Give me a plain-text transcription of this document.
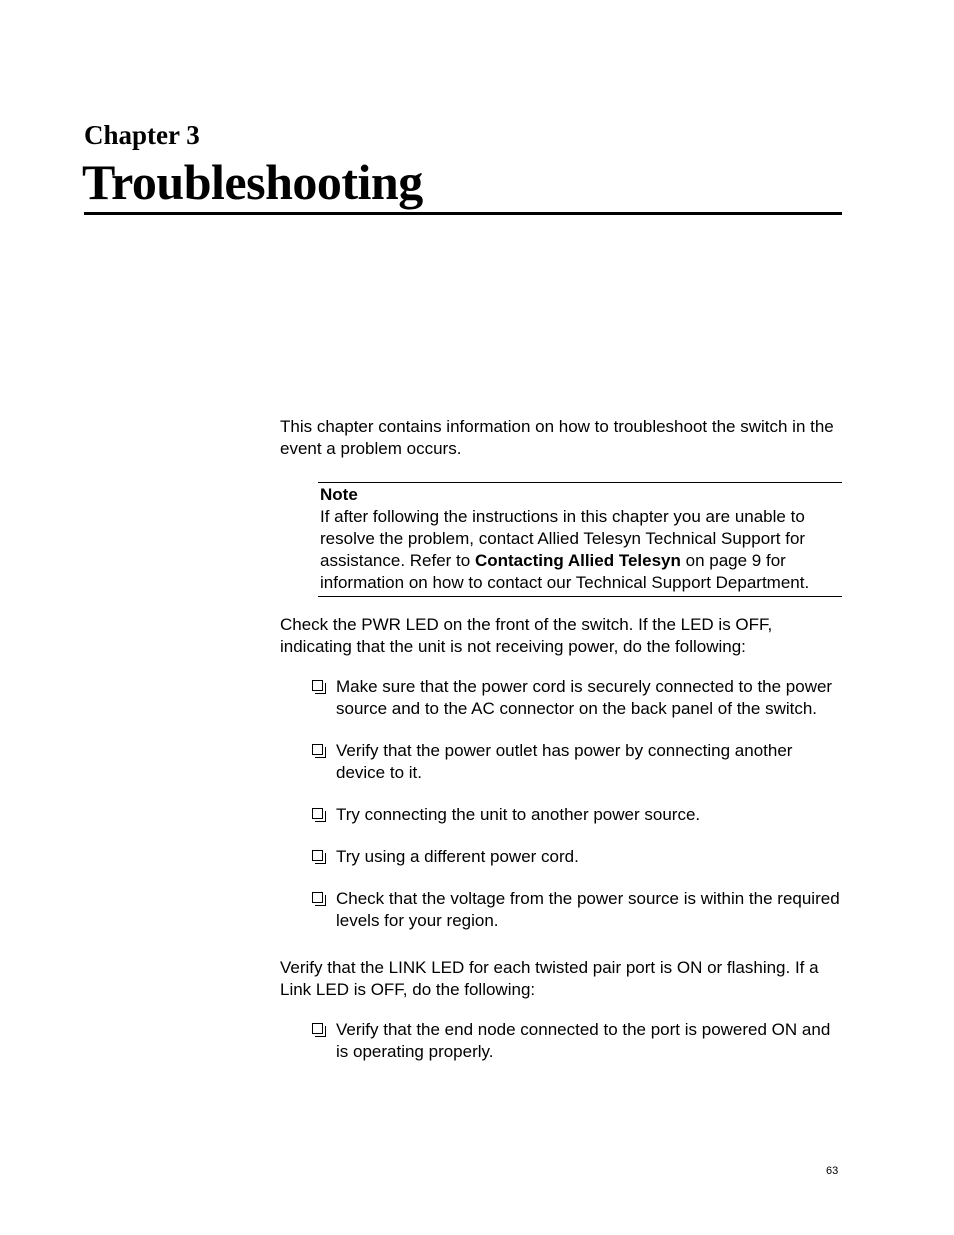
Chapter 3
Troubleshooting

This chapter contains information on how to troubleshoot the switch in the event a problem occurs.

Note
If after following the instructions in this chapter you are unable to resolve the problem, contact Allied Telesyn Technical Support for assistance. Refer to Contacting Allied Telesyn on page 9 for information on how to contact our Technical Support Department.

Check the PWR LED on the front of the switch. If the LED is OFF, indicating that the unit is not receiving power, do the following:

Make sure that the power cord is securely connected to the power source and to the AC connector on the back panel of the switch.
Verify that the power outlet has power by connecting another device to it.
Try connecting the unit to another power source.
Try using a different power cord.
Check that the voltage from the power source is within the required levels for your region.

Verify that the LINK LED for each twisted pair port is ON or flashing. If a Link LED is OFF, do the following:

Verify that the end node connected to the port is powered ON and is operating properly.

63
